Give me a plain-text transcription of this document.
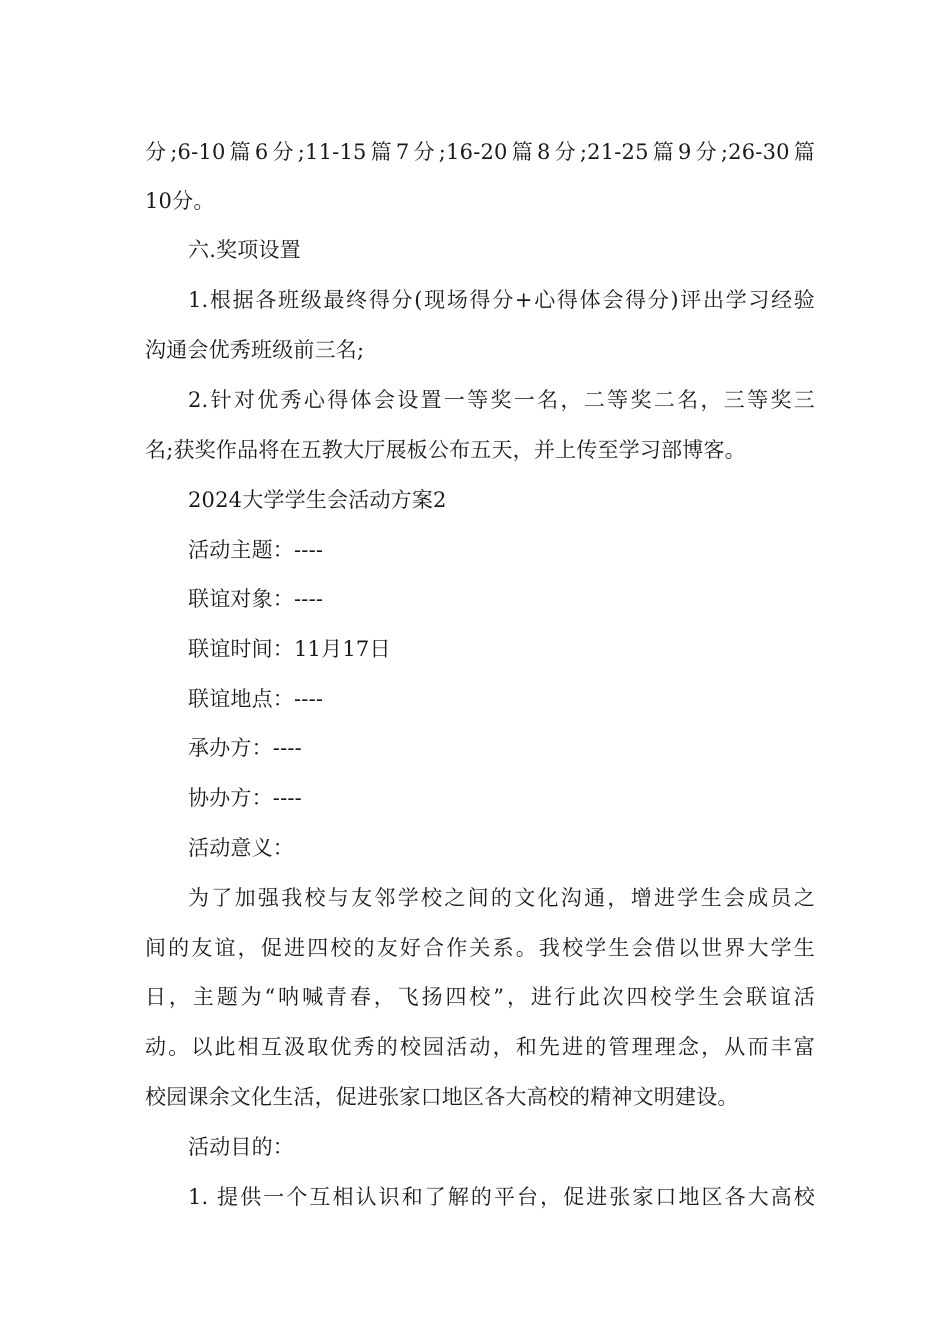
分;6-10篇6分;11-15篇7分;16-20篇8分;21-25篇9分;26-30篇
10分。
六.奖项设置
1.根据各班级最终得分(现场得分+心得体会得分)评出学习经验
沟通会优秀班级前三名;
2.针对优秀心得体会设置一等奖一名，二等奖二名，三等奖三
名;获奖作品将在五教大厅展板公布五天，并上传至学习部博客。
2024大学学生会活动方案2
活动主题：----
联谊对象：----
联谊时间：11月17日
联谊地点：----
承办方：----
协办方：----
活动意义：
为了加强我校与友邻学校之间的文化沟通，增进学生会成员之
间的友谊，促进四校的友好合作关系。我校学生会借以世界大学生
日，主题为“呐喊青春，飞扬四校”，进行此次四校学生会联谊活
动。以此相互汲取优秀的校园活动，和先进的管理理念，从而丰富
校园课余文化生活，促进张家口地区各大高校的精神文明建设。
活动目的：
1. 提供一个互相认识和了解的平台，促进张家口地区各大高校
